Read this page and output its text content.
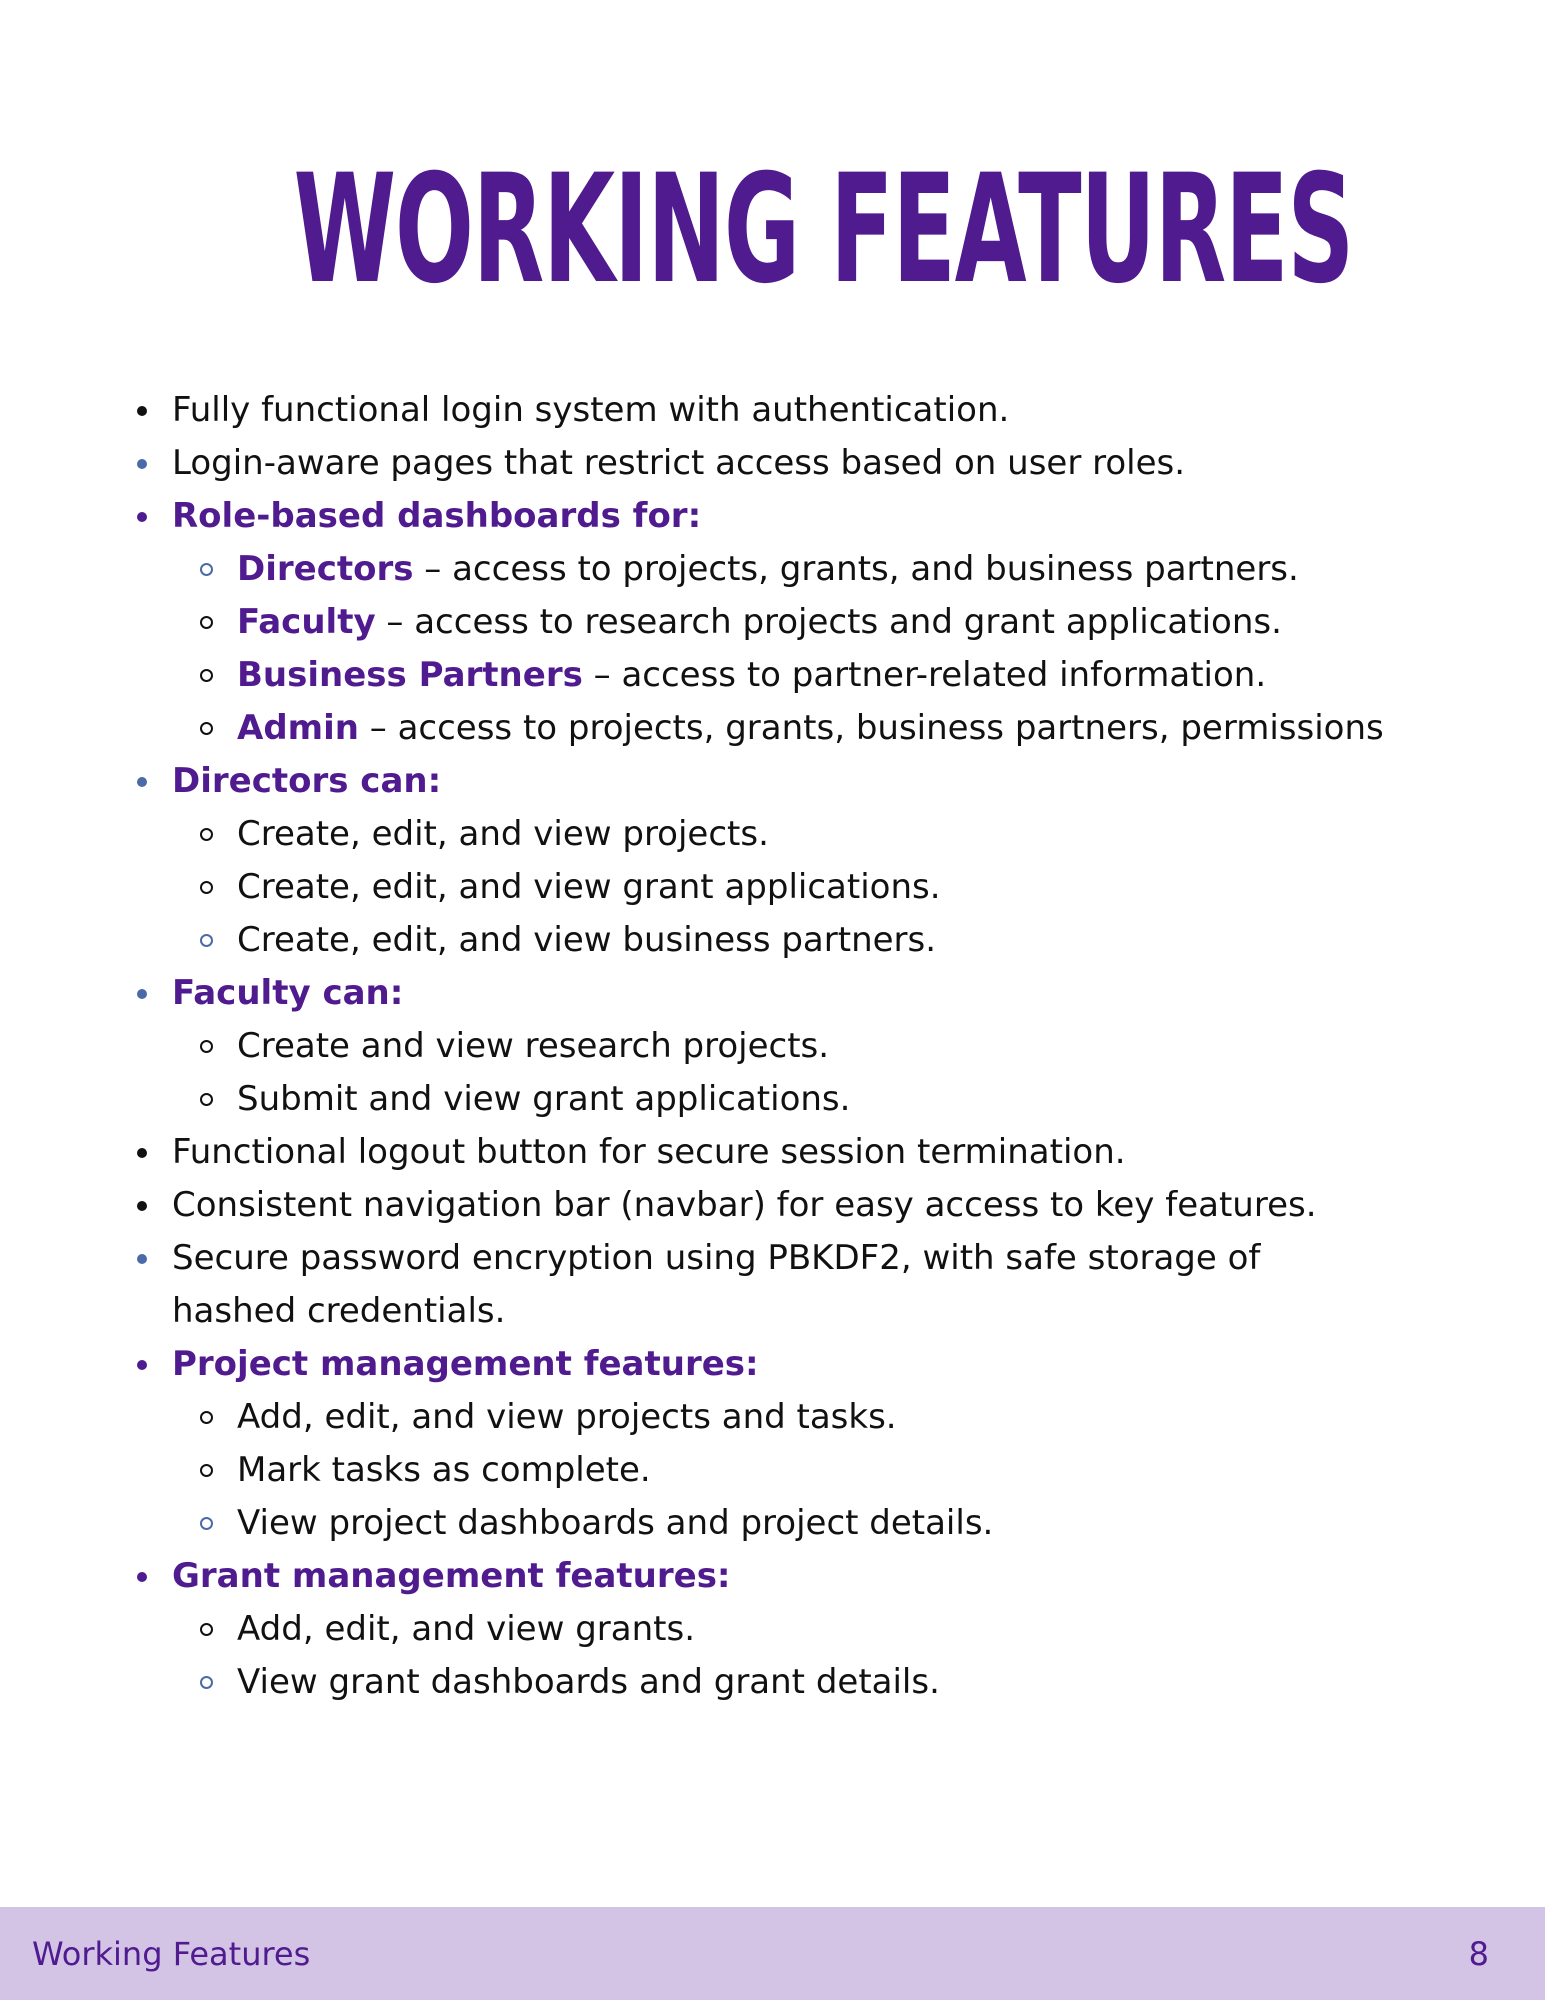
WORKING FEATURES
Fully functional login system with authentication.
Login-aware pages that restrict access based on user roles.
Role-based dashboards for:
Directors – access to projects, grants, and business partners.
Faculty – access to research projects and grant applications.
Business Partners – access to partner-related information.
Admin – access to projects, grants, business partners, permissions
Directors can:
Create, edit, and view projects.
Create, edit, and view grant applications.
Create, edit, and view business partners.
Faculty can:
Create and view research projects.
Submit and view grant applications.
Functional logout button for secure session termination.
Consistent navigation bar (navbar) for easy access to key features.
Secure password encryption using PBKDF2, with safe storage of hashed credentials.
Project management features:
Add, edit, and view projects and tasks.
Mark tasks as complete.
View project dashboards and project details.
Grant management features:
Add, edit, and view grants.
View grant dashboards and grant details.
Working Features	8
